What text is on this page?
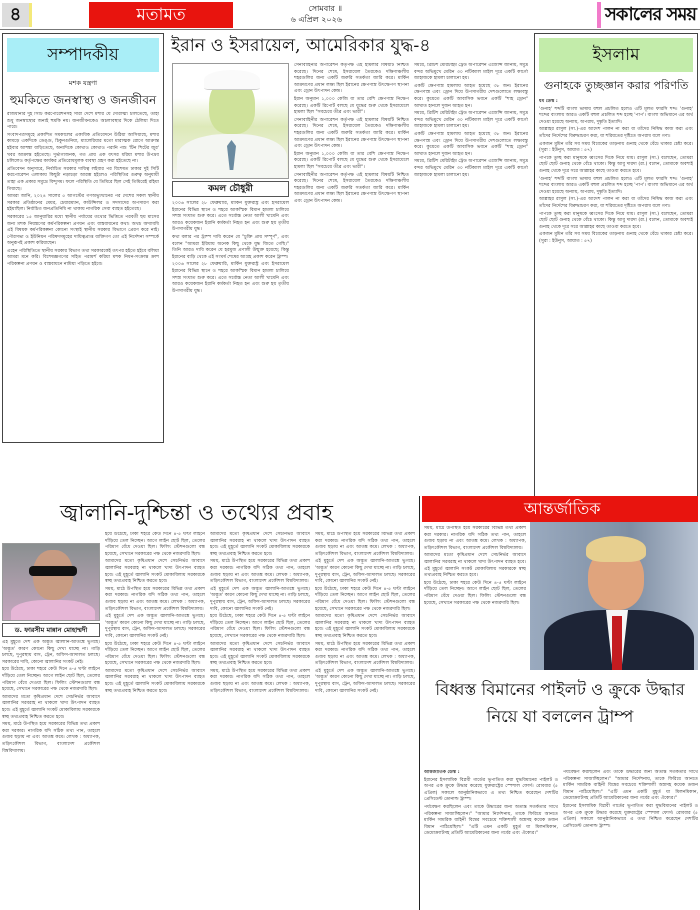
৪	মতামত	সোমবার ॥
৬ এপ্রিল ২০২৬	সকালের সময়
সম্পাদকীয়
মশক যন্ত্রণা
হুমকিতে জনস্বাস্থ্য ও জনজীবন

রাজধানীর দুই সিটি করপোরেশনসহ সারা দেশে মশার যে দৌরাত্ম্য চলিতেছে, তাহা শুধু জনস্বাস্থ্যের জন্যই হুমকি নয়। জনজীবনকেও অচলাবস্থার দিকে ঠেলিয়া দিতে পারে।

সংবাদপত্রসমূহে প্রকাশিত সমকালের একাধিক প্রতিবেদনে উঠিয়া আসিয়াছে, মশার কামড়ে একদিকে ডেঙ্গু, চিকুনগুনিয়া, ম্যালেরিয়ার মতো মারাত্মক রোগে আক্রান্ত হইবার আশঙ্কা বাড়িতেছে, অন্যদিকে কোথাও কোথাও পরানি পশু 'টিন শিটের জুর' খবর আক্রান্ত হইতেছে। দুর্ভাগ্যজনক, গত প্রায় এক বৎসর ধরিয়া মশার উপদ্রব চলিলেও কর্তৃপক্ষের কার্যকর প্রতিরোধমূলক ব্যবস্থা গ্রহণ করা হইতেছে না।

প্রতিবেদন অনুসারে, নির্বাচিত সরকার দায়িত্ব লইবার পর বিশেষত ঢাকার দুই সিটি করপোরেশন এলাকায় কিছুটা নড়াচড়া আরম্ভ হইলেও পরিস্থিতির গুরুত্ব অনুযায়ী তাহা এক প্রকার সমুদ্রে বিন্দুসম। ফলে পরিস্থিতি যে তিমিরে ছিল সেই তিমিরেই রহিয়া গিয়াছে।

আমরা জানি, ২০২৪ সালের ৫ আগস্টের গণঅভ্যুত্থানের পর দেশের সকল স্থানীয় সরকার প্রতিষ্ঠানের মেয়র, চেয়ারম্যান, কাউন্সিলর ও সদস্যদের অপসারণ করা হইয়াছিল। নির্বাচিত জনপ্রতিনিধি না থাকায় নাগরিক সেবা ব্যাহত হইতেছে।

সরকারের ১৫ জানুয়ারির মধ্যে স্থানীয় পর্যায়ের তথ্যের ভিত্তিতে পরবর্তী ছয় মাসের জন্য মশক নিয়ন্ত্রণের কর্মপরিকল্পনা প্রণয়ন এবং বাস্তবায়নের কথা। অথচ অদ্যাবধি এই বিষয়ক কর্মপরিকল্পনা কোনো সংস্থাই স্থানীয় সরকার বিভাগে প্রেরণ করে নাই। পৌরসভা ও ইউনিয়ন পরিষদসমূহের দায়িত্বপ্রাপ্ত ব্যক্তিগণ তো এই নির্দেশনা সম্পর্কে অনুরূপই প্রকাশ করিয়াছেন।

এহেন পরিস্থিতিতে স্থানীয় সরকার বিভাগ তথা সরকারকেই তৎপর হইতে হইবে বলিয়া আমরা মনে করি। বিশেষজ্ঞগণের সহিত পরামর্শ করিয়া মশক নিধন-সংক্রান্ত ক্রাশ পরিকল্পনা প্রণয়ন ও বাস্তবায়নে নামিয়া পড়িতে হইবে।

ইরান ও ইসরায়েল, আমেরিকার যুদ্ধ-৪
কমল চৌধুরী

২০০৬ সালের ২৮ ফেব্রুয়ারি, মার্কিন যুক্তরাষ্ট্র এবং ইসরায়েল ইরানের বিভিন্ন স্থানে ও শহরে আকস্মিক বিমান হামলা চালিয়ে সশস্ত্র সংঘাত শুরু করে। এতে সর্বোচ্চ নেতা আলী খামেনি এবং আরও কয়েকজন ইরানি কর্মকর্তা নিহত হন এবং শুরু হয় তৃতীয় উপসাগরীয় যুদ্ধ।

কথা বলার পর ট্রাম্প দাবি করেন যে "চুক্তি প্রায় সম্পূর্ণ", এবং বলেন "আমরা ইরিয়ায় অনেক কিছু থেকে যুদ্ধ জিতে গেছি।" তিনি আরও দাবি করেন যে হরমুজ প্রণালী উন্মুক্ত হয়েছে; কিন্তু ইরানের বাড়ি থেকে এই সংঘর্ষ শেষের আগ্রহ প্রকাশ করেন ট্রাম্প।

২০০৬ সালের ২৮ ফেব্রুয়ারি, মার্কিন যুক্তরাষ্ট্র এবং ইসরায়েল ইরানের বিভিন্ন স্থানে ও শহরে আকস্মিক বিমান হামলা চালিয়ে সশস্ত্র সংঘাত শুরু করে। এতে সর্বোচ্চ নেতা আলী খামেনি এবং আরও কয়েকজন ইরানি কর্মকর্তা নিহত হন এবং শুরু হয় তৃতীয় উপসাগরীয় যুদ্ধ।

সেনাবাহিনীর অপারেশন কর্তৃপক্ষ এই হামলার বিষয়টি নিশ্চিত করেছে। দিনের শেষে, ইসরায়েল তৈরকেও দক্ষিণাঞ্চলীয় শহরগুলির জন্য একটি জরুরি সতর্কতা জারি করে। মার্কিন আক্রমণের প্রধান লক্ষ্য ছিল ইরানের ক্ষেপণাস্ত্র উৎক্ষেপণ স্থাপনা এবং ড্রোন উৎপাদন কেন্দ্র।

ইরান অনুমান ১,০০০ কেজি বা তার বেশি ক্ষেপণাস্ত্র নিক্ষেপ করেছে। একটি রিপোর্ট বলছে যে যুদ্ধের শুরু থেকে ইসরায়েলে হামলা ছিল "সবচেয়ে তীব্র এবং ভারী"।

সেনাবাহিনীর অপারেশন কর্তৃপক্ষ এই হামলার বিষয়টি নিশ্চিত করেছে। দিনের শেষে, ইসরায়েল তৈরকেও দক্ষিণাঞ্চলীয় শহরগুলির জন্য একটি জরুরি সতর্কতা জারি করে। মার্কিন আক্রমণের প্রধান লক্ষ্য ছিল ইরানের ক্ষেপণাস্ত্র উৎক্ষেপণ স্থাপনা এবং ড্রোন উৎপাদন কেন্দ্র।

ইরান অনুমান ১,০০০ কেজি বা তার বেশি ক্ষেপণাস্ত্র নিক্ষেপ করেছে। একটি রিপোর্ট বলছে যে যুদ্ধের শুরু থেকে ইসরায়েলে হামলা ছিল "সবচেয়ে তীব্র এবং ভারী"।

সেনাবাহিনীর অপারেশন কর্তৃপক্ষ এই হামলার বিষয়টি নিশ্চিত করেছে। দিনের শেষে, ইসরায়েল তৈরকেও দক্ষিণাঞ্চলীয় শহরগুলির জন্য একটি জরুরি সতর্কতা জারি করে। মার্কিন আক্রমণের প্রধান লক্ষ্য ছিল ইরানের ক্ষেপণাস্ত্র উৎক্ষেপণ স্থাপনা এবং ড্রোন উৎপাদন কেন্দ্র।

সময়ে, ব্রিটিশ মেরিটাইম ট্রেড অপারেশন এজেন্সি জানায়, সমুদ্র বন্দর অভিমুখে মেরিন ৩০ নটিক্যাল মাইল দূরে একটি কার্গো জাহাজকে হামলা চালানো হয়।

একটি ক্ষেপণাস্ত্র হামলায় আহত হয়েছে ৩৮ জন। ইরানের ক্ষেপণাস্ত্র এবং ড্রোন দিয়ে উপসাগরীয় দেশগুলোতে লক্ষ্যবস্তু করে। কুয়েতে একটি আবাসিক ভবনে একটি "শাহ ড্রোন" আঘাত হানলে দুজন আহত হন।

সময়ে, ব্রিটিশ মেরিটাইম ট্রেড অপারেশন এজেন্সি জানায়, সমুদ্র বন্দর অভিমুখে মেরিন ৩০ নটিক্যাল মাইল দূরে একটি কার্গো জাহাজকে হামলা চালানো হয়।

একটি ক্ষেপণাস্ত্র হামলায় আহত হয়েছে ৩৮ জন। ইরানের ক্ষেপণাস্ত্র এবং ড্রোন দিয়ে উপসাগরীয় দেশগুলোতে লক্ষ্যবস্তু করে। কুয়েতে একটি আবাসিক ভবনে একটি "শাহ ড্রোন" আঘাত হানলে দুজন আহত হন।

সময়ে, ব্রিটিশ মেরিটাইম ট্রেড অপারেশন এজেন্সি জানায়, সমুদ্র বন্দর অভিমুখে মেরিন ৩০ নটিক্যাল মাইল দূরে একটি কার্গো জাহাজকে হামলা চালানো হয়।

ইসলাম
গুনাহকে তুচ্ছজ্ঞান করার পরিণতি

ধর্ম ডেস্ক :

'গুনাহ' শব্দটি বাংলা ভাষায় বহুল প্রচলিত হলেও এটি মূলত ফারসি শব্দ। 'গুনাহ' শব্দের বাংলায় আরও একটি বহুল প্রচলিত শব্দ হচ্ছে 'পাপ'। বাংলা অভিধানে এর অর্থ দেওয়া হয়েছে অন্যায়, অপরাধ, দুষ্কৃতি ইত্যাদি।

আল্লাহর রাসুল (সা.)-এর আদেশ পালন না করা বা তাঁদের নিষিদ্ধ কাজ করা এবং তাঁদের নির্দেশের বিরুদ্ধাচরণ করা, যা শরিয়তের দৃষ্টিতে অপরাধ বলে গণ্য।

একজন মুমিন তাঁর সব সময় বিবেকের তাড়নায় গুনাহ থেকে বেঁচে থাকার চেষ্টা করে। (সুরা : ইউনুস, আয়াত : ৫৭)

পাপকে তুচ্ছ করা মানুষকে ধ্বংসের দিকে নিয়ে যায়। রাসুল (সা.) বলেছেন, তোমরা ছোট ছোট গুনাহ থেকে বেঁচে থাকো। কিন্তু আবু দারদা (রা.) বলেন, তোমাকে অবশ্যই গুনাহ থেকে দূরে সরে আল্লাহর কাছে তাওবা করতে হবে।

'গুনাহ' শব্দটি বাংলা ভাষায় বহুল প্রচলিত হলেও এটি মূলত ফারসি শব্দ। 'গুনাহ' শব্দের বাংলায় আরও একটি বহুল প্রচলিত শব্দ হচ্ছে 'পাপ'। বাংলা অভিধানে এর অর্থ দেওয়া হয়েছে অন্যায়, অপরাধ, দুষ্কৃতি ইত্যাদি।

আল্লাহর রাসুল (সা.)-এর আদেশ পালন না করা বা তাঁদের নিষিদ্ধ কাজ করা এবং তাঁদের নির্দেশের বিরুদ্ধাচরণ করা, যা শরিয়তের দৃষ্টিতে অপরাধ বলে গণ্য।

পাপকে তুচ্ছ করা মানুষকে ধ্বংসের দিকে নিয়ে যায়। রাসুল (সা.) বলেছেন, তোমরা ছোট ছোট গুনাহ থেকে বেঁচে থাকো। কিন্তু আবু দারদা (রা.) বলেন, তোমাকে অবশ্যই গুনাহ থেকে দূরে সরে আল্লাহর কাছে তাওবা করতে হবে।

একজন মুমিন তাঁর সব সময় বিবেকের তাড়নায় গুনাহ থেকে বেঁচে থাকার চেষ্টা করে। (সুরা : ইউনুস, আয়াত : ৫৭)

জ্বালানি-দুশ্চিন্তা ও তথ্যের প্রবাহ
ড. ফারসীম মান্নান মোহাম্মদী

এই মুহূর্তে দেশ এক অদ্ভুত জ্বালানি-আতঙ্কে ভুগছে। 'অদ্ভুত' কারণ কোনো কিছু দেখা যাচ্ছে না। গাড়ি চলছে, দুপুরস্থায় বাস, ট্রেন, অফিস-আদালত চলছে। সরকারের দাবি, কোনো জ্বালানির সংকট নেই।

হয়ে উঠেছে, ঢাকা শহরে কেউ দিনে ৪-৫ ঘণ্টা লাইনে দাঁড়িয়ে তেল নিচ্ছেন। আগে লাইন ছোট ছিল, তেলের পরিমাণ বেঁধে দেওয়া ছিল। ফিলিং স্টেশনগুলো বন্ধ হয়েছে, সেখানে সরকারের পক্ষ থেকে নজরদারি ছিল।

আমাদের মতো কৃষিপ্রধান দেশে সেচনির্ভর আবাদে জ্বালানির সরবরাহ না থাকলে খাদ্য উৎপাদন ব্যাহত হবে। এই মুহূর্তে জ্বালানি সংকট মোকাবিলায় সরকারকে স্বচ্ছ তথ্যপ্রবাহ নিশ্চিত করতে হবে।

সময়, মাঠে উপস্থিত হয়ে সরকারের বিভিন্ন তথ্য প্রকাশ করা দরকার। নাগরিক যদি সঠিক তথ্য পান, তাহলে গুজব ছড়ায় না এবং আতঙ্ক কমে। লেখক : অধ্যাপক, তড়িৎকৌশল বিভাগ, বাংলাদেশ প্রকৌশল বিশ্ববিদ্যালয়।

হয়ে উঠেছে, ঢাকা শহরে কেউ দিনে ৪-৫ ঘণ্টা লাইনে দাঁড়িয়ে তেল নিচ্ছেন। আগে লাইন ছোট ছিল, তেলের পরিমাণ বেঁধে দেওয়া ছিল। ফিলিং স্টেশনগুলো বন্ধ হয়েছে, সেখানে সরকারের পক্ষ থেকে নজরদারি ছিল।

আমাদের মতো কৃষিপ্রধান দেশে সেচনির্ভর আবাদে জ্বালানির সরবরাহ না থাকলে খাদ্য উৎপাদন ব্যাহত হবে। এই মুহূর্তে জ্বালানি সংকট মোকাবিলায় সরকারকে স্বচ্ছ তথ্যপ্রবাহ নিশ্চিত করতে হবে।

সময়, মাঠে উপস্থিত হয়ে সরকারের বিভিন্ন তথ্য প্রকাশ করা দরকার। নাগরিক যদি সঠিক তথ্য পান, তাহলে গুজব ছড়ায় না এবং আতঙ্ক কমে। লেখক : অধ্যাপক, তড়িৎকৌশল বিভাগ, বাংলাদেশ প্রকৌশল বিশ্ববিদ্যালয়।

এই মুহূর্তে দেশ এক অদ্ভুত জ্বালানি-আতঙ্কে ভুগছে। 'অদ্ভুত' কারণ কোনো কিছু দেখা যাচ্ছে না। গাড়ি চলছে, দুপুরস্থায় বাস, ট্রেন, অফিস-আদালত চলছে। সরকারের দাবি, কোনো জ্বালানির সংকট নেই।

হয়ে উঠেছে, ঢাকা শহরে কেউ দিনে ৪-৫ ঘণ্টা লাইনে দাঁড়িয়ে তেল নিচ্ছেন। আগে লাইন ছোট ছিল, তেলের পরিমাণ বেঁধে দেওয়া ছিল। ফিলিং স্টেশনগুলো বন্ধ হয়েছে, সেখানে সরকারের পক্ষ থেকে নজরদারি ছিল।

আমাদের মতো কৃষিপ্রধান দেশে সেচনির্ভর আবাদে জ্বালানির সরবরাহ না থাকলে খাদ্য উৎপাদন ব্যাহত হবে। এই মুহূর্তে জ্বালানি সংকট মোকাবিলায় সরকারকে স্বচ্ছ তথ্যপ্রবাহ নিশ্চিত করতে হবে।

আমাদের মতো কৃষিপ্রধান দেশে সেচনির্ভর আবাদে জ্বালানির সরবরাহ না থাকলে খাদ্য উৎপাদন ব্যাহত হবে। এই মুহূর্তে জ্বালানি সংকট মোকাবিলায় সরকারকে স্বচ্ছ তথ্যপ্রবাহ নিশ্চিত করতে হবে।

সময়, মাঠে উপস্থিত হয়ে সরকারের বিভিন্ন তথ্য প্রকাশ করা দরকার। নাগরিক যদি সঠিক তথ্য পান, তাহলে গুজব ছড়ায় না এবং আতঙ্ক কমে। লেখক : অধ্যাপক, তড়িৎকৌশল বিভাগ, বাংলাদেশ প্রকৌশল বিশ্ববিদ্যালয়।

এই মুহূর্তে দেশ এক অদ্ভুত জ্বালানি-আতঙ্কে ভুগছে। 'অদ্ভুত' কারণ কোনো কিছু দেখা যাচ্ছে না। গাড়ি চলছে, দুপুরস্থায় বাস, ট্রেন, অফিস-আদালত চলছে। সরকারের দাবি, কোনো জ্বালানির সংকট নেই।

হয়ে উঠেছে, ঢাকা শহরে কেউ দিনে ৪-৫ ঘণ্টা লাইনে দাঁড়িয়ে তেল নিচ্ছেন। আগে লাইন ছোট ছিল, তেলের পরিমাণ বেঁধে দেওয়া ছিল। ফিলিং স্টেশনগুলো বন্ধ হয়েছে, সেখানে সরকারের পক্ষ থেকে নজরদারি ছিল।

আমাদের মতো কৃষিপ্রধান দেশে সেচনির্ভর আবাদে জ্বালানির সরবরাহ না থাকলে খাদ্য উৎপাদন ব্যাহত হবে। এই মুহূর্তে জ্বালানি সংকট মোকাবিলায় সরকারকে স্বচ্ছ তথ্যপ্রবাহ নিশ্চিত করতে হবে।

সময়, মাঠে উপস্থিত হয়ে সরকারের বিভিন্ন তথ্য প্রকাশ করা দরকার। নাগরিক যদি সঠিক তথ্য পান, তাহলে গুজব ছড়ায় না এবং আতঙ্ক কমে। লেখক : অধ্যাপক, তড়িৎকৌশল বিভাগ, বাংলাদেশ প্রকৌশল বিশ্ববিদ্যালয়।

সময়, মাঠে উপস্থিত হয়ে সরকারের বিভিন্ন তথ্য প্রকাশ করা দরকার। নাগরিক যদি সঠিক তথ্য পান, তাহলে গুজব ছড়ায় না এবং আতঙ্ক কমে। লেখক : অধ্যাপক, তড়িৎকৌশল বিভাগ, বাংলাদেশ প্রকৌশল বিশ্ববিদ্যালয়।

এই মুহূর্তে দেশ এক অদ্ভুত জ্বালানি-আতঙ্কে ভুগছে। 'অদ্ভুত' কারণ কোনো কিছু দেখা যাচ্ছে না। গাড়ি চলছে, দুপুরস্থায় বাস, ট্রেন, অফিস-আদালত চলছে। সরকারের দাবি, কোনো জ্বালানির সংকট নেই।

হয়ে উঠেছে, ঢাকা শহরে কেউ দিনে ৪-৫ ঘণ্টা লাইনে দাঁড়িয়ে তেল নিচ্ছেন। আগে লাইন ছোট ছিল, তেলের পরিমাণ বেঁধে দেওয়া ছিল। ফিলিং স্টেশনগুলো বন্ধ হয়েছে, সেখানে সরকারের পক্ষ থেকে নজরদারি ছিল।

আমাদের মতো কৃষিপ্রধান দেশে সেচনির্ভর আবাদে জ্বালানির সরবরাহ না থাকলে খাদ্য উৎপাদন ব্যাহত হবে। এই মুহূর্তে জ্বালানি সংকট মোকাবিলায় সরকারকে স্বচ্ছ তথ্যপ্রবাহ নিশ্চিত করতে হবে।

সময়, মাঠে উপস্থিত হয়ে সরকারের বিভিন্ন তথ্য প্রকাশ করা দরকার। নাগরিক যদি সঠিক তথ্য পান, তাহলে গুজব ছড়ায় না এবং আতঙ্ক কমে। লেখক : অধ্যাপক, তড়িৎকৌশল বিভাগ, বাংলাদেশ প্রকৌশল বিশ্ববিদ্যালয়।

এই মুহূর্তে দেশ এক অদ্ভুত জ্বালানি-আতঙ্কে ভুগছে। 'অদ্ভুত' কারণ কোনো কিছু দেখা যাচ্ছে না। গাড়ি চলছে, দুপুরস্থায় বাস, ট্রেন, অফিস-আদালত চলছে। সরকারের দাবি, কোনো জ্বালানির সংকট নেই।

আন্তর্জাতিক

সময়, মাঠে উপস্থিত হয়ে সরকারের বিভিন্ন তথ্য প্রকাশ করা দরকার। নাগরিক যদি সঠিক তথ্য পান, তাহলে গুজব ছড়ায় না এবং আতঙ্ক কমে। লেখক : অধ্যাপক, তড়িৎকৌশল বিভাগ, বাংলাদেশ প্রকৌশল বিশ্ববিদ্যালয়।

আমাদের মতো কৃষিপ্রধান দেশে সেচনির্ভর আবাদে জ্বালানির সরবরাহ না থাকলে খাদ্য উৎপাদন ব্যাহত হবে। এই মুহূর্তে জ্বালানি সংকট মোকাবিলায় সরকারকে স্বচ্ছ তথ্যপ্রবাহ নিশ্চিত করতে হবে।

হয়ে উঠেছে, ঢাকা শহরে কেউ দিনে ৪-৫ ঘণ্টা লাইনে দাঁড়িয়ে তেল নিচ্ছেন। আগে লাইন ছোট ছিল, তেলের পরিমাণ বেঁধে দেওয়া ছিল। ফিলিং স্টেশনগুলো বন্ধ হয়েছে, সেখানে সরকারের পক্ষ থেকে নজরদারি ছিল।

বিধ্বস্ত বিমানের পাইলট ও ক্রুকে উদ্ধার নিয়ে যা বললেন ট্রাম্প

আন্তর্জাতিক ডেস্ক :

ইরানের ইসলামিক বিপ্লবী গার্ডের ভূপাতিত করা যুদ্ধবিমানের পাইলট ও অপর এক ক্রুকে উদ্ধার করেছে যুক্তরাষ্ট্রের স্পেশাল ফোর্স। রোববার (৫ এপ্রিল) সকালে আনুষ্ঠানিকভাবে এ তথ্য নিশ্চিত করেছেন দেশটির প্রেসিডেন্ট ডোনাল্ড ট্রাম্প।

পর্যবেক্ষণ করছিলেন এবং তাকে উদ্ধারের জন্য অত্যন্ত সতর্কতার সাথে পরিকল্পনা সাজাচ্ছিলেন।" "আমার নির্দেশনায়, তাকে ফিরিয়ে আনতে মার্কিন সামরিক বাহিনী বিশ্বের সবচেয়ে শক্তিশালী অস্ত্রসহ কয়েক ডজন বিমান পাঠিয়েছিল।" "এটি এমন একটি মুহূর্ত যা মিলনমিকান, ডেমোক্র্যাটসহ প্রতিটি আমেরিকানের জন্য গর্বের এবং ঐক্যের।"

পর্যবেক্ষণ করছিলেন এবং তাকে উদ্ধারের জন্য অত্যন্ত সতর্কতার সাথে পরিকল্পনা সাজাচ্ছিলেন।" "আমার নির্দেশনায়, তাকে ফিরিয়ে আনতে মার্কিন সামরিক বাহিনী বিশ্বের সবচেয়ে শক্তিশালী অস্ত্রসহ কয়েক ডজন বিমান পাঠিয়েছিল।" "এটি এমন একটি মুহূর্ত যা মিলনমিকান, ডেমোক্র্যাটসহ প্রতিটি আমেরিকানের জন্য গর্বের এবং ঐক্যের।"

ইরানের ইসলামিক বিপ্লবী গার্ডের ভূপাতিত করা যুদ্ধবিমানের পাইলট ও অপর এক ক্রুকে উদ্ধার করেছে যুক্তরাষ্ট্রের স্পেশাল ফোর্স। রোববার (৫ এপ্রিল) সকালে আনুষ্ঠানিকভাবে এ তথ্য নিশ্চিত করেছেন দেশটির প্রেসিডেন্ট ডোনাল্ড ট্রাম্প।
